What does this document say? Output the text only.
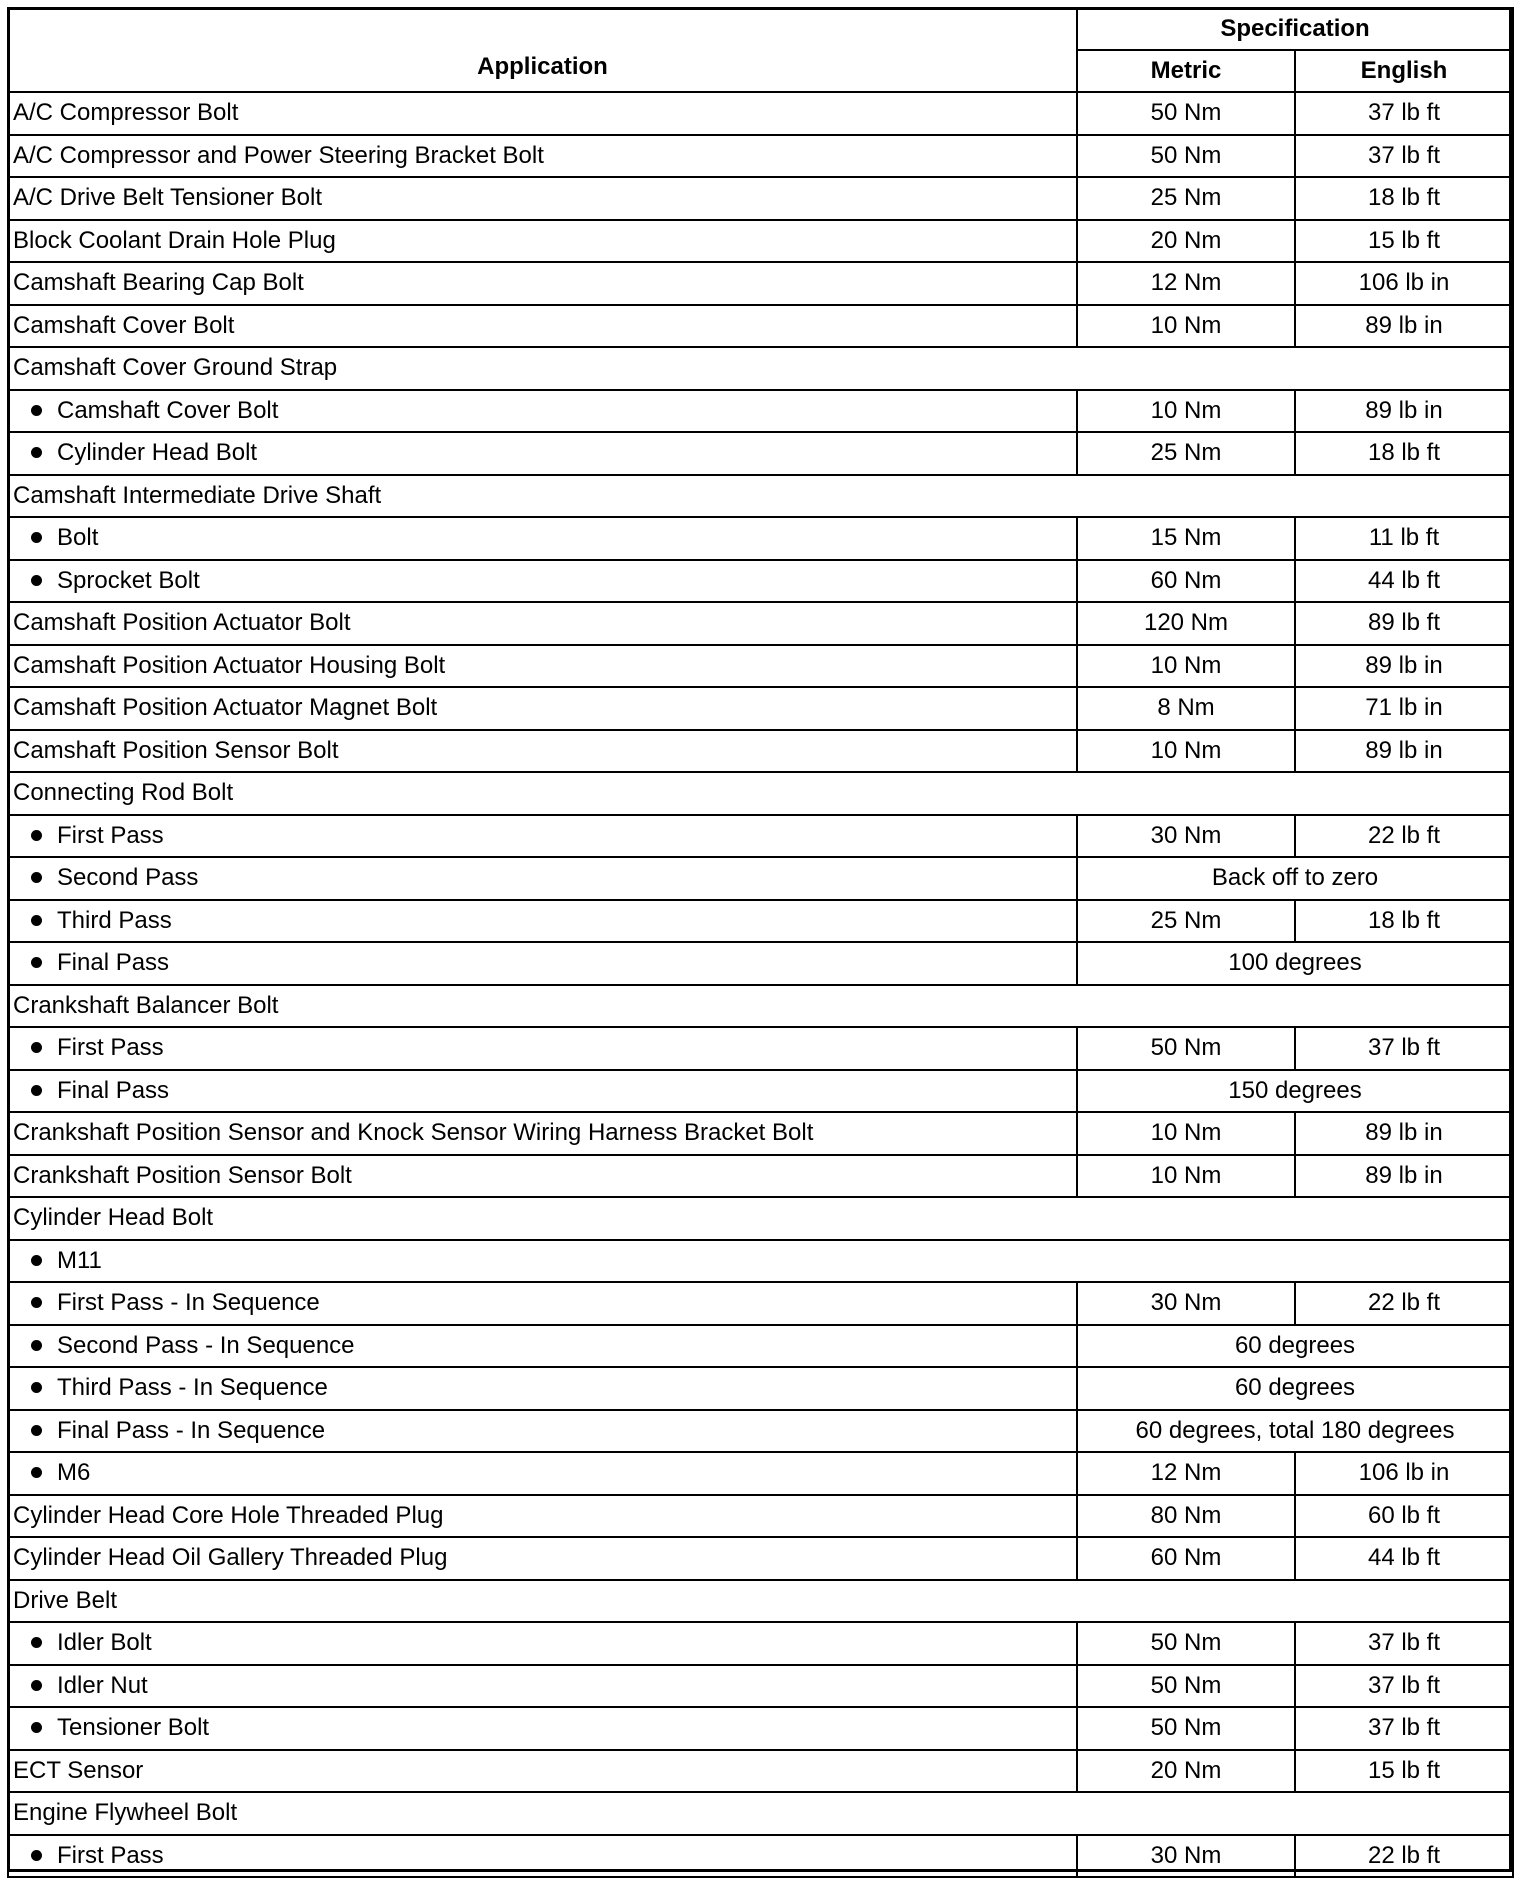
Application	Specification	
	Metric	English
A/C Compressor Bolt	50 Nm	37 lb ft
A/C Compressor and Power Steering Bracket Bolt	50 Nm	37 lb ft
A/C Drive Belt Tensioner Bolt	25 Nm	18 lb ft
Block Coolant Drain Hole Plug	20 Nm	15 lb ft
Camshaft Bearing Cap Bolt	12 Nm	106 lb in
Camshaft Cover Bolt	10 Nm	89 lb in
Camshaft Cover Ground Strap		
Camshaft Cover Bolt	10 Nm	89 lb in
Cylinder Head Bolt	25 Nm	18 lb ft
Camshaft Intermediate Drive Shaft		
Bolt	15 Nm	11 lb ft
Sprocket Bolt	60 Nm	44 lb ft
Camshaft Position Actuator Bolt	120 Nm	89 lb ft
Camshaft Position Actuator Housing Bolt	10 Nm	89 lb in
Camshaft Position Actuator Magnet Bolt	8 Nm	71 lb in
Camshaft Position Sensor Bolt	10 Nm	89 lb in
Connecting Rod Bolt		
First Pass	30 Nm	22 lb ft
Second Pass	Back off to zero	
Third Pass	25 Nm	18 lb ft
Final Pass	100 degrees	
Crankshaft Balancer Bolt		
First Pass	50 Nm	37 lb ft
Final Pass	150 degrees	
Crankshaft Position Sensor and Knock Sensor Wiring Harness Bracket Bolt	10 Nm	89 lb in
Crankshaft Position Sensor Bolt	10 Nm	89 lb in
Cylinder Head Bolt		
M11		
First Pass - In Sequence	30 Nm	22 lb ft
Second Pass - In Sequence	60 degrees	
Third Pass - In Sequence	60 degrees	
Final Pass - In Sequence	60 degrees, total 180 degrees	
M6	12 Nm	106 lb in
Cylinder Head Core Hole Threaded Plug	80 Nm	60 lb ft
Cylinder Head Oil Gallery Threaded Plug	60 Nm	44 lb ft
Drive Belt		
Idler Bolt	50 Nm	37 lb ft
Idler Nut	50 Nm	37 lb ft
Tensioner Bolt	50 Nm	37 lb ft
ECT Sensor	20 Nm	15 lb ft
Engine Flywheel Bolt		
First Pass	30 Nm	22 lb ft
